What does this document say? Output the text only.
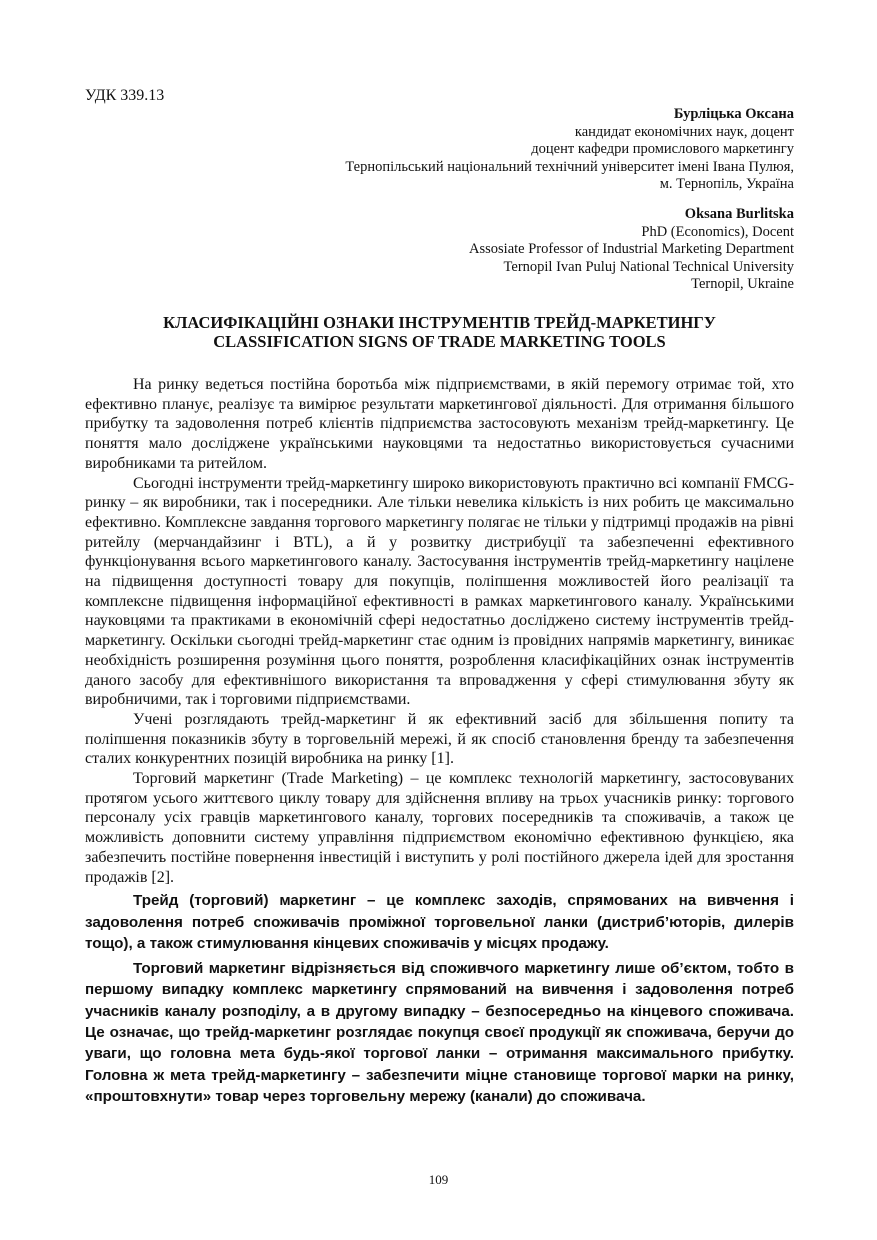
УДК 339.13
Бурліцька Оксана
кандидат економічних наук, доцент
доцент кафедри промислового маркетингу
Тернопільський національний технічний університет імені Івана Пулюя,
м. Тернопіль, Україна
Oksana Burlitska
PhD (Economics), Docent
Assosiate Professor of Industrial Marketing Department
Ternopil Ivan Puluj National Technical University
Ternopil, Ukraine
КЛАСИФІКАЦІЙНІ ОЗНАКИ ІНСТРУМЕНТІВ ТРЕЙД-МАРКЕТИНГУ
CLASSIFICATION SIGNS OF TRADE MARKETING TOOLS

На ринку ведеться постійна боротьба між підприємствами, в якій перемогу отримає той, хто ефективно планує, реалізує та вимірює результати маркетингової діяльності. Для отримання більшого прибутку та задоволення потреб клієнтів підприємства застосовують механізм трейд-маркетингу. Це поняття мало досліджене українськими науковцями та недостатньо використовується сучасними виробниками та ритейлом.

Сьогодні інструменти трейд-маркетингу широко використовують практично всі компанії FMCG-ринку – як виробники, так і посередники. Але тільки невелика кількість із них робить це максимально ефективно. Комплексне завдання торгового маркетингу полягає не тільки у підтримці продажів на рівні ритейлу (мерчандайзинг і BTL), а й у розвитку дистрибуції та забезпеченні ефективного функціонування всього маркетингового каналу. Застосування інструментів трейд-маркетингу націлене на підвищення доступності товару для покупців, поліпшення можливостей його реалізації та комплексне підвищення інформаційної ефективності в рамках маркетингового каналу. Українськими науковцями та практиками в економічній сфері недостатньо досліджено систему інструментів трейд-маркетингу. Оскільки сьогодні трейд-маркетинг стає одним із провідних напрямів маркетингу, виникає необхідність розширення розуміння цього поняття, розроблення класифікаційних ознак інструментів даного засобу для ефективнішого використання та впровадження у сфері стимулювання збуту як виробничими, так і торговими підприємствами.

Учені розглядають трейд-маркетинг й як ефективний засіб для збільшення попиту та поліпшення показників збуту в торговельній мережі, й як спосіб становлення бренду та забезпечення сталих конкурентних позицій виробника на ринку [1].

Торговий маркетинг (Trade Marketing) – це комплекс технологій маркетингу, застосовуваних протягом усього життєвого циклу товару для здійснення впливу на трьох учасників ринку: торгового персоналу усіх гравців маркетингового каналу, торгових посередників та споживачів, а також це можливість доповнити систему управління підприємством економічно ефективною функцією, яка забезпечить постійне повернення інвестицій і виступить у ролі постійного джерела ідей для зростання продажів [2].

Трейд (торговий) маркетинг – це комплекс заходів, спрямованих на вивчення і задоволення потреб споживачів проміжної торговельної ланки (дистриб’юторів, дилерів тощо), а також стимулювання кінцевих споживачів у місцях продажу.

Торговий маркетинг відрізняється від споживчого маркетингу лише об’єктом, тобто в першому випадку комплекс маркетингу спрямований на вивчення і задоволення потреб учасників каналу розподілу, а в другому випадку – безпосередньо на кінцевого споживача. Це означає, що трейд-маркетинг розглядає покупця своєї продукції як споживача, беручи до уваги, що головна мета будь-якої торгової ланки – отримання максимального прибутку. Головна ж мета трейд-маркетингу – забезпечити міцне становище торгової марки на ринку, «проштовхнути» товар через торговельну мережу (канали) до споживача.

109
